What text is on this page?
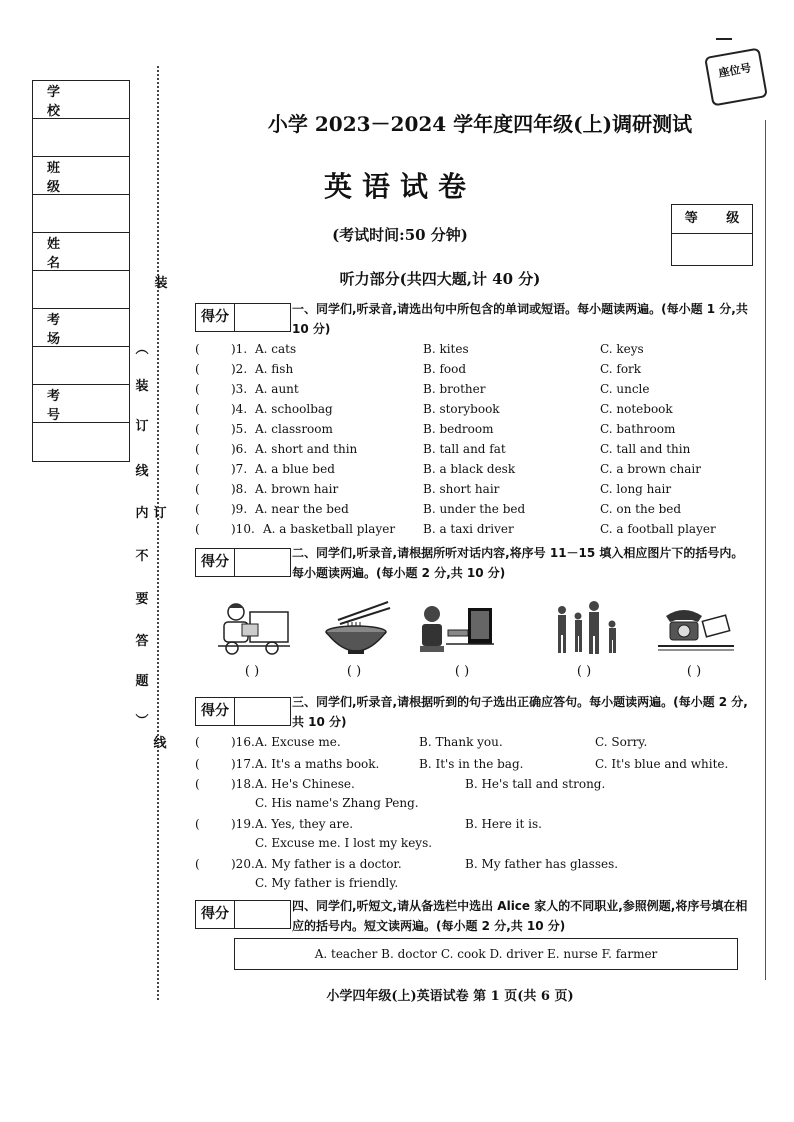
座位号
学 校
班 级
姓 名
考 场
考 号
装
︵
装
订
线
内 订
不
要
答
题
︶
线
小学 2023－2024 学年度四年级(上)调研测试
英语试卷
(考试时间:50 分钟)
等 级
听力部分(共四大题,计 40 分)
得分	一、同学们,听录音,请选出句中所包含的单词或短语。每小题读两遍。(每小题 1 分,共 10 分)
(	)1. A. cats	B. kites	C. keys
(	)2. A. fish	B. food	C. fork
(	)3. A. aunt	B. brother	C. uncle
(	)4. A. schoolbag	B. storybook	C. notebook
(	)5. A. classroom	B. bedroom	C. bathroom
(	)6. A. short and thin	B. tall and fat	C. tall and thin
(	)7. A. a blue bed	B. a black desk	C. a brown chair
(	)8. A. brown hair	B. short hair	C. long hair
(	)9. A. near the bed	B. under the bed	C. on the bed
(	)10. A. a basketball player B. a taxi driver	C. a football player
得分
二、同学们,听录音,请根据所听对话内容,将序号 11－15 填入相应图片下的括号内。每小题读两遍。(每小题 2 分,共 10 分)
( )	( )	( )	( )	( )
得分
三、同学们,听录音,请根据听到的句子选出正确应答句。每小题读两遍。(每小题 2 分,共 10 分)
(	)16. A. Excuse me.	B. Thank you.	C. Sorry.
(	)17. A. It's a maths book.	B. It's in the bag.	C. It's blue and white.
(	)18. A. He's Chinese.	B. He's tall and strong.
C. His name's Zhang Peng.
(	)19. A. Yes, they are.	B. Here it is.
C. Excuse me. I lost my keys.
(	)20. A. My father is a doctor.	B. My father has glasses.
C. My father is friendly.
得分	四、同学们,听短文,请从备选栏中选出 Alice 家人的不同职业,参照例题,将序号填在相应的括号内。短文读两遍。(每小题 2 分,共 10 分)
A. teacher B. doctor C. cook D. driver E. nurse F. farmer
小学四年级(上)英语试卷 第 1 页(共 6 页)
